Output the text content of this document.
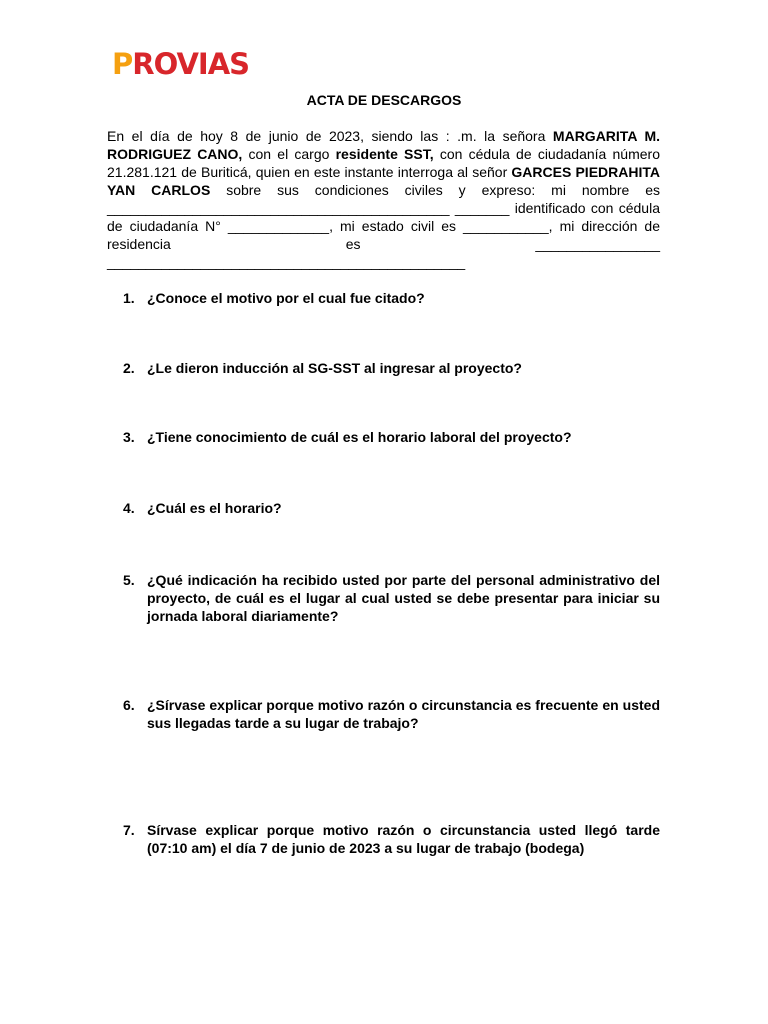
PROVIAS
ACTA DE DESCARGOS

En el día de hoy 8 de junio de 2023, siendo las : .m. la señora MARGARITA M. RODRIGUEZ CANO, con el cargo residente SST, con cédula de ciudadanía número 21.281.121 de Buriticá, quien en este instante interroga al señor GARCES PIEDRAHITA YAN CARLOS sobre sus condiciones civiles y expreso: mi nombre es ____________________________________________ _______ identificado con cédula de ciudadanía N° _____________, mi estado civil es ___________, mi dirección de residencia es ________________ ______________________________________________

1. ¿Conoce el motivo por el cual fue citado?
2. ¿Le dieron inducción al SG-SST al ingresar al proyecto?
3. ¿Tiene conocimiento de cuál es el horario laboral del proyecto?
4. ¿Cuál es el horario?
5. ¿Qué indicación ha recibido usted por parte del personal administrativo del proyecto, de cuál es el lugar al cual usted se debe presentar para iniciar su jornada laboral diariamente?
6. ¿Sírvase explicar porque motivo razón o circunstancia es frecuente en usted sus llegadas tarde a su lugar de trabajo?
7. Sírvase explicar porque motivo razón o circunstancia usted llegó tarde (07:10 am) el día 7 de junio de 2023 a su lugar de trabajo (bodega)
